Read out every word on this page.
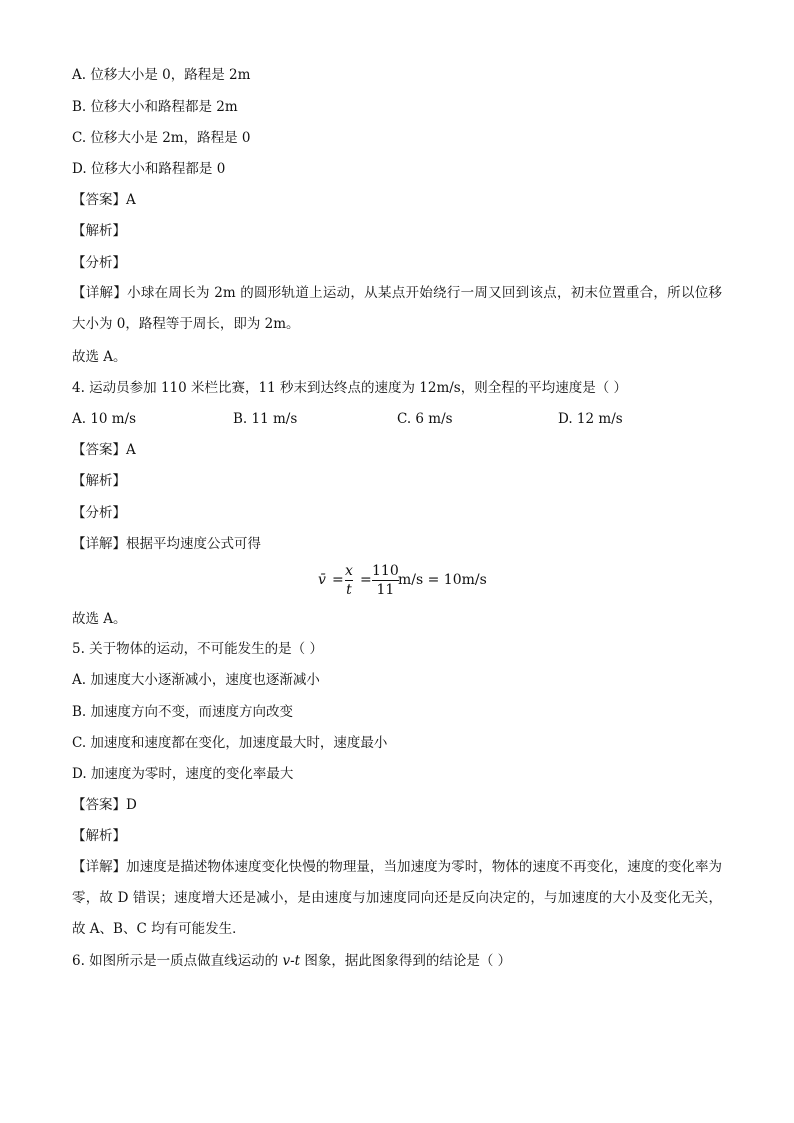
A. 位移大小是 0，路程是 2m
B. 位移大小和路程都是 2m
C. 位移大小是 2m，路程是 0
D. 位移大小和路程都是 0
【答案】A
【解析】
【分析】
【详解】小球在周长为 2m 的圆形轨道上运动，从某点开始绕行一周又回到该点，初末位置重合，所以位移大小为 0，路程等于周长，即为 2m。
故选 A。
4. 运动员参加 110 米栏比赛，11 秒末到达终点的速度为 12m/s，则全程的平均速度是（ ）
A. 10 m/s	B. 11 m/s	C. 6 m/s	D. 12 m/s
【答案】A
【解析】
【分析】
【详解】根据平均速度公式可得
v̄ =
x
t
=
110
11
m/s = 10m/s
故选 A。
5. 关于物体的运动，不可能发生的是（ ）
A. 加速度大小逐渐减小，速度也逐渐减小
B. 加速度方向不变，而速度方向改变
C. 加速度和速度都在变化，加速度最大时，速度最小
D. 加速度为零时，速度的变化率最大
【答案】D
【解析】
【详解】加速度是描述物体速度变化快慢的物理量，当加速度为零时，物体的速度不再变化，速度的变化率为零，故 D 错误；速度增大还是减小，是由速度与加速度同向还是反向决定的，与加速度的大小及变化无关，故 A、B、C 均有可能发生．
6. 如图所示是一质点做直线运动的 v-t 图象，据此图象得到的结论是（ ）
